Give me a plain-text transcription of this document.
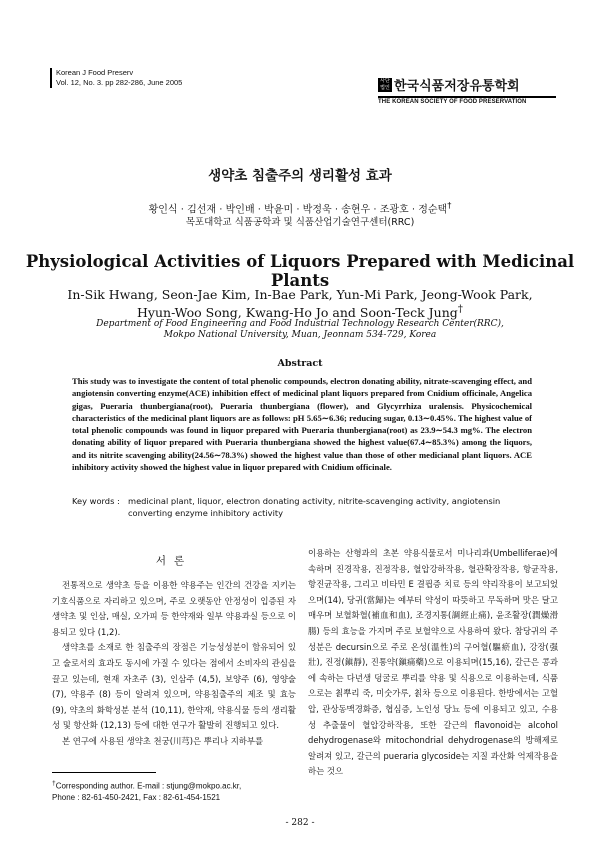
Korean J Food Preserv
Vol. 12, No. 3. pp 282-286, June 2005	사단 법인 한국식품저장유통학회
THE KOREAN SOCIETY OF FOOD PRESERVATION
생약초 침출주의 생리활성 효과
황인식 · 김선재 · 박인배 · 박윤미 · 박정욱 · 송현우 · 조광호 · 정순택†
목포대학교 식품공학과 및 식품산업기술연구센터(RRC)
Physiological Activities of Liquors Prepared with Medicinal Plants
In-Sik Hwang, Seon-Jae Kim, In-Bae Park, Yun-Mi Park, Jeong-Wook Park,
Hyun-Woo Song, Kwang-Ho Jo and Soon-Teck Jung†
Department of Food Engineering and Food Industrial Technology Research Center(RRC),
Mokpo National University, Muan, Jeonnam 534-729, Korea
Abstract
This study was to investigate the content of total phenolic compounds, electron donating ability, nitrate-scavenging effect, and angiotensin converting enzyme(ACE) inhibition effect of medicinal plant liquors prepared from Cnidium officinale, Angelica gigas, Pueraria thunbergiana(root), Pueraria thunbergiana (flower), and Glycyrrhiza uralensis. Physicochemical characteristics of the medicinal plant liquors are as follows: pH 5.65∼6.36; reducing sugar, 0.13∼0.45%. The highest value of total phenolic compounds was found in liquor prepared with Pueraria thunbergiana(root) as 23.9∼54.3 mg%. The electron donating ability of liquor prepared with Pueraria thunbergiana showed the highest value(67.4∼85.3%) among the liquors, and its nitrite scavenging ability(24.56∼78.3%) showed the highest value than those of other medicianal plant liquors. ACE inhibitory activity showed the highest value in liquor prepared with Cnidium officinale.
Key words : medicinal plant, liquor, electron donating activity, nitrite-scavenging activity, angiotensin converting enzyme inhibitory activity
서론

전통적으로 생약초 등을 이용한 약용주는 인간의 건강을 지키는 기호식품으로 자리하고 있으며, 주로 오랫동안 안정성이 입증된 자생약초 및 인삼, 매실, 오가피 등 한약재와 일부 약용과실 등으로 이용되고 있다 (1,2).

생약초를 소재로 한 침출주의 장점은 기능성성분이 함유되어 있고 술로서의 효과도 동시에 가질 수 있다는 점에서 소비자의 관심을 끌고 있는데, 현재 자초주 (3), 인삼주 (4,5), 보양주 (6), 영양술 (7), 약용주 (8) 등이 알려져 있으며, 약용침출주의 제조 및 효능 (9), 약초의 화학성분 분석 (10,11), 한약재, 약용식물 등의 생리활성 및 항산화 (12,13) 등에 대한 연구가 활발히 진행되고 있다.

본 연구에 사용된 생약초 천궁(川芎)은 뿌리나 지하부를

이용하는 산형과의 초본 약용식물로서 미나리과(Umbelliferae)에 속하며 진경작용, 진정작용, 혈압강하작용, 혈관확장작용, 항균작용, 항진균작용, 그리고 비타민 E 결핍증 치료 등의 약리작용이 보고되었으며(14), 당귀(當歸)는 예부터 약성이 따뜻하고 무독하며 맛은 달고 매우며 보혈화혈(補血和血), 조경지통(調經止痛), 윤조활장(潤燥滑腸) 등의 효능을 가지며 주로 보혈약으로 사용하여 왔다. 참당귀의 주성분은 decursin으로 주로 온성(溫性)의 구어혈(驅瘀血), 강장(强壯), 진정(鎭靜), 진통약(鎭痛藥)으로 이용되며(15,16), 갈근은 콩과에 속하는 다년생 덩굴로 뿌리를 약용 및 식용으로 이용하는데, 식품으로는 칡뿌리 죽, 미숫가루, 칡차 등으로 이용된다. 한방에서는 고혈압, 관상동맥경화증, 협심증, 노인성 당뇨 등에 이용되고 있고, 수용성 추출물이 혈압강하작용, 또한 갈근의 flavonoid는 alcohol dehydrogenase와 mitochondrial dehydrogenase의 방해제로 알려져 있고, 갈근의 pueraria glycoside는 지질 과산화 억제작용을 하는 것으

†Corresponding author. E-mail : stjung@mokpo.ac.kr,
Phone : 82-61-450-2421, Fax : 82-61-454-1521
- 282 -
